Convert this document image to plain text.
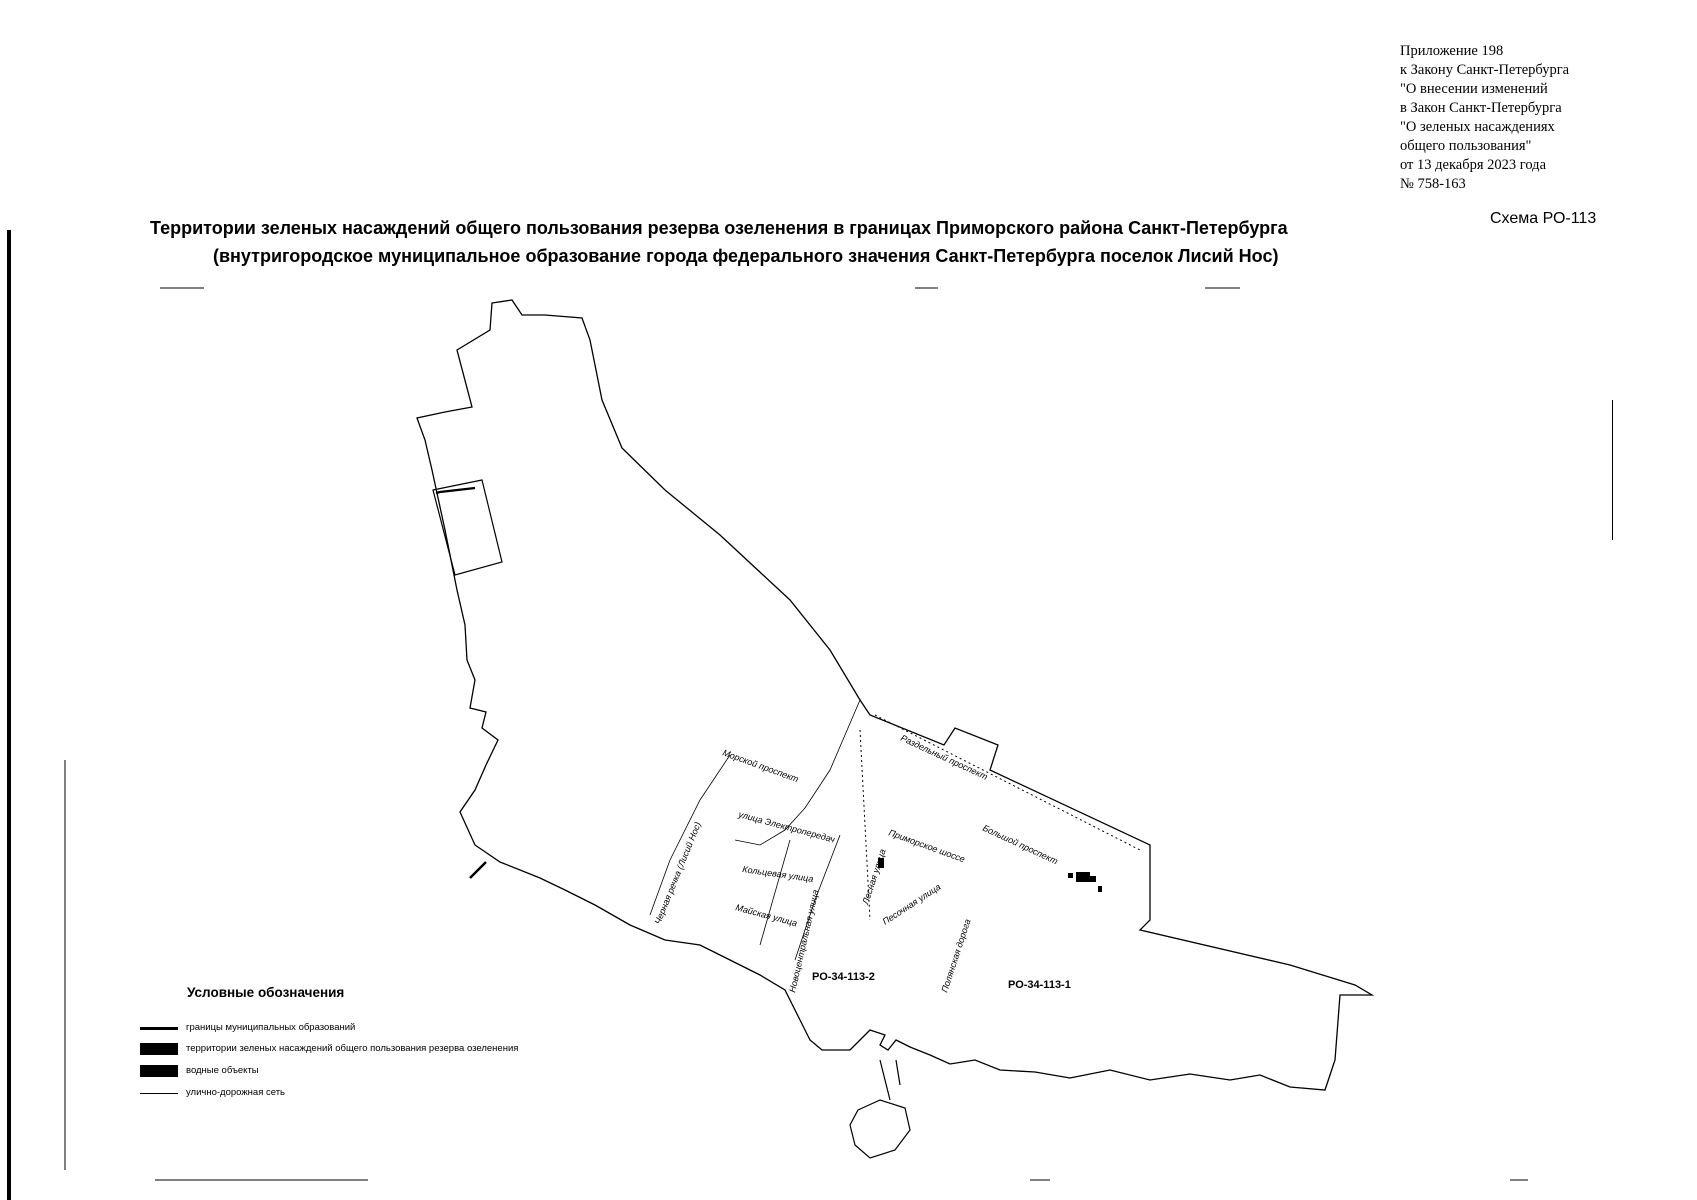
Приложение 198
к Закону Санкт-Петербурга
"О внесении изменений
в Закон Санкт-Петербурга
"О зеленых насаждениях
общего пользования"
от 13 декабря 2023 года
№ 758-163
Схема РО-113
Территории зеленых насаждений общего пользования резерва озеленения в границах Приморского района Санкт-Петербурга
(внутригородское муниципальное образование города федерального значения Санкт-Петербурга поселок Лисий Нос)
Морской проспект	Раздельный проспект
улица Электропередач
Черная речка (Лисий Нос)	Кольцевая улица	Лесная улица
Приморское шоссе Большой проспект
Майская улица
Новоцентральная улица	Песочная улица
Полянская дорога
РО-34-113-2
РО-34-113-1
Условные обозначения
границы муниципальных образований
территории зеленых насаждений общего пользования резерва озеленения
водные объекты
улично-дорожная сеть
